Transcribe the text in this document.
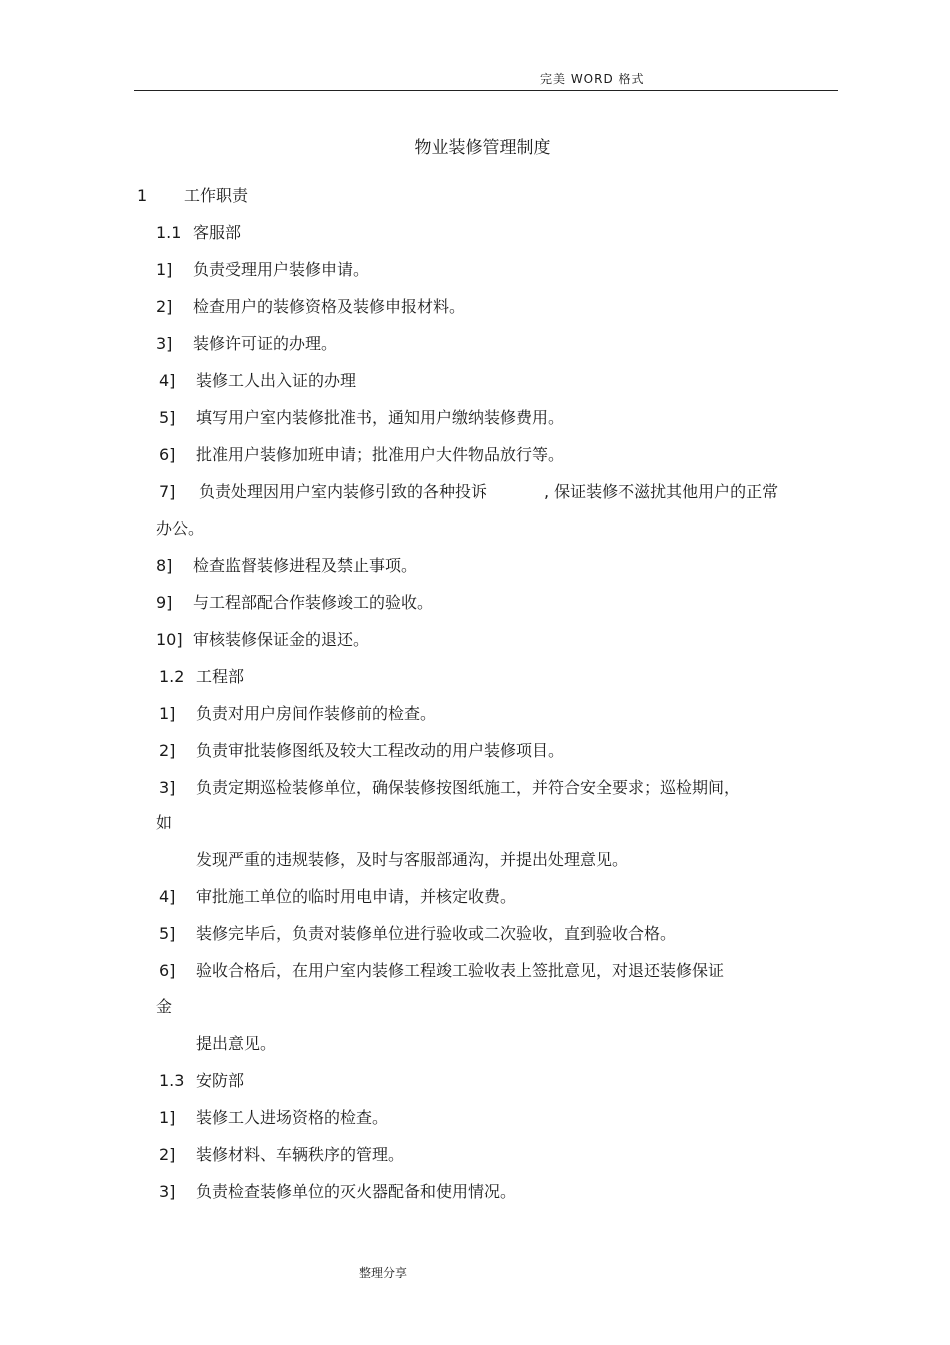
完美 WORD 格式
物业装修管理制度
1 工作职责
1.1 客服部
1] 负责受理用户装修申请。
2] 检查用户的装修资格及装修申报材料。
3] 装修许可证的办理。
4] 装修工人出入证的办理
5] 填写用户室内装修批准书，通知用户缴纳装修费用。
6] 批准用户装修加班申请；批准用户大件物品放行等。
7] 负责处理因用户室内装修引致的各种投诉	, 保证装修不滋扰其他用户的正常
办公。
8] 检查监督装修进程及禁止事项。
9] 与工程部配合作装修竣工的验收。
10] 审核装修保证金的退还。
1.2 工程部
1] 负责对用户房间作装修前的检查。
2] 负责审批装修图纸及较大工程改动的用户装修项目。
3] 负责定期巡检装修单位，确保装修按图纸施工，并符合安全要求；巡检期间，
如
发现严重的违规装修，及时与客服部通沟，并提出处理意见。
4] 审批施工单位的临时用电申请，并核定收费。
5] 装修完毕后，负责对装修单位进行验收或二次验收，直到验收合格。
6] 验收合格后，在用户室内装修工程竣工验收表上签批意见，对退还装修保证
金
提出意见。
1.3 安防部
1] 装修工人进场资格的检查。
2] 装修材料、车辆秩序的管理。
3] 负责检查装修单位的灭火器配备和使用情况。
整理分享
